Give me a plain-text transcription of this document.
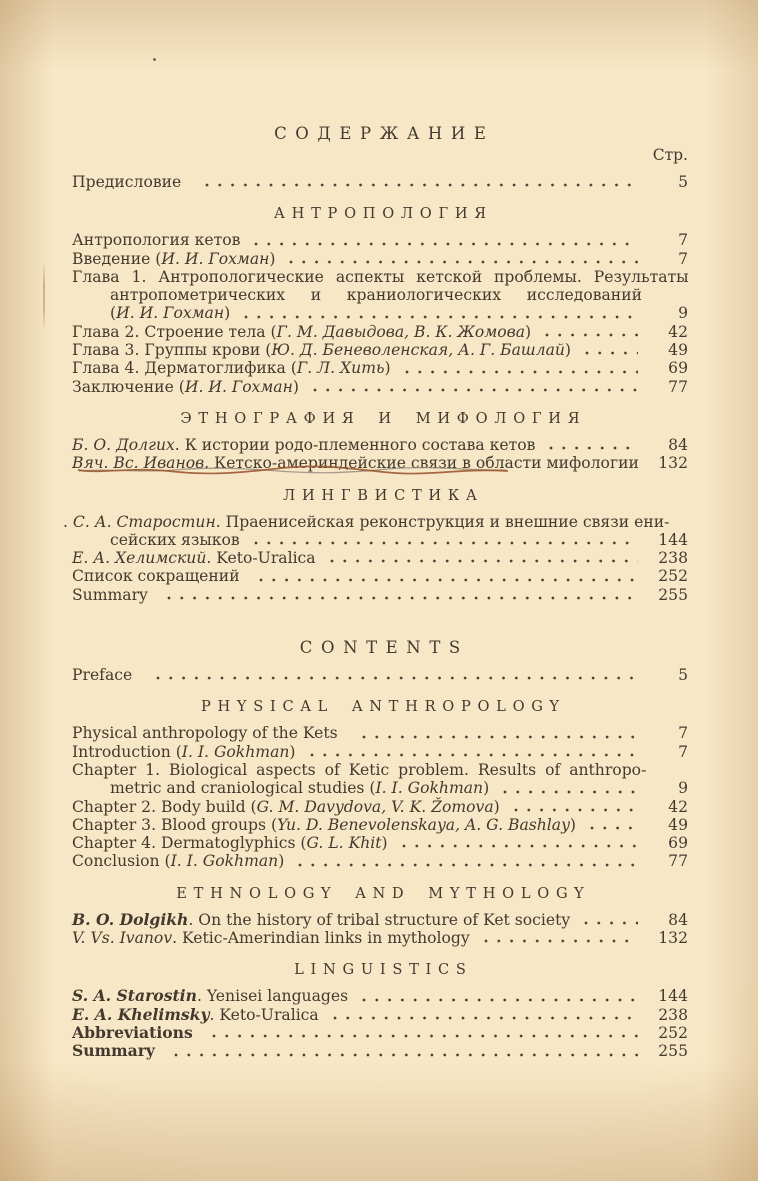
СОДЕРЖАНИЕ
Стр.
Предисловие	5
АНТРОПОЛОГИЯ
Антропология кетов	7
Введение (И. И. Гохман)	7
Глава 1. Антропологические аспекты кетской проблемы. Результаты
антропометрических и краниологических исследований
(И. И. Гохман)	9
Глава 2. Строение тела (Г. М. Давыдова, В. К. Жомова)	42
Глава 3. Группы крови (Ю. Д. Беневоленская, А. Г. Башлай)	49
Глава 4. Дерматоглифика (Г. Л. Хить)	69
Заключение (И. И. Гохман)	77
ЭТНОГРАФИЯ И МИФОЛОГИЯ
Б. О. Долгих. К истории родо-племенного состава кетов	84
Вяч. Вс. Иванов. Кетско-америндейские связи в области мифологии	132
ЛИНГВИСТИКА
. С. А. Старостин. Праенисейская реконструкция и внешние связи ени-
сейских языков	144
Е. А. Хелимский. Keto-Uralica	238
Список сокращений	252
Summary	255
CONTENTS
Preface	5
PHYSICAL ANTHROPOLOGY
Physical anthropology of the Kets	7
Introduction (I. I. Gokhman)	7
Chapter 1. Biological aspects of Ketic problem. Results of anthropo-
metric and craniological studies (I. I. Gokhman)	9
Chapter 2. Body build (G. M. Davydova, V. K. Žomova)	42
Chapter 3. Blood groups (Yu. D. Benevolenskaya, A. G. Bashlay)	49
Chapter 4. Dermatoglyphics (G. L. Khit)	69
Conclusion (I. I. Gokhman)	77
ETHNOLOGY AND MYTHOLOGY
B. O. Dolgikh. On the history of tribal structure of Ket society	84
V. Vs. Ivanov. Ketic-Amerindian links in mythology	132
LINGUISTICS
S. A. Starostin. Yenisei languages	144
E. A. Khelimsky. Keto-Uralica	238
Abbreviations	252
Summary	255
